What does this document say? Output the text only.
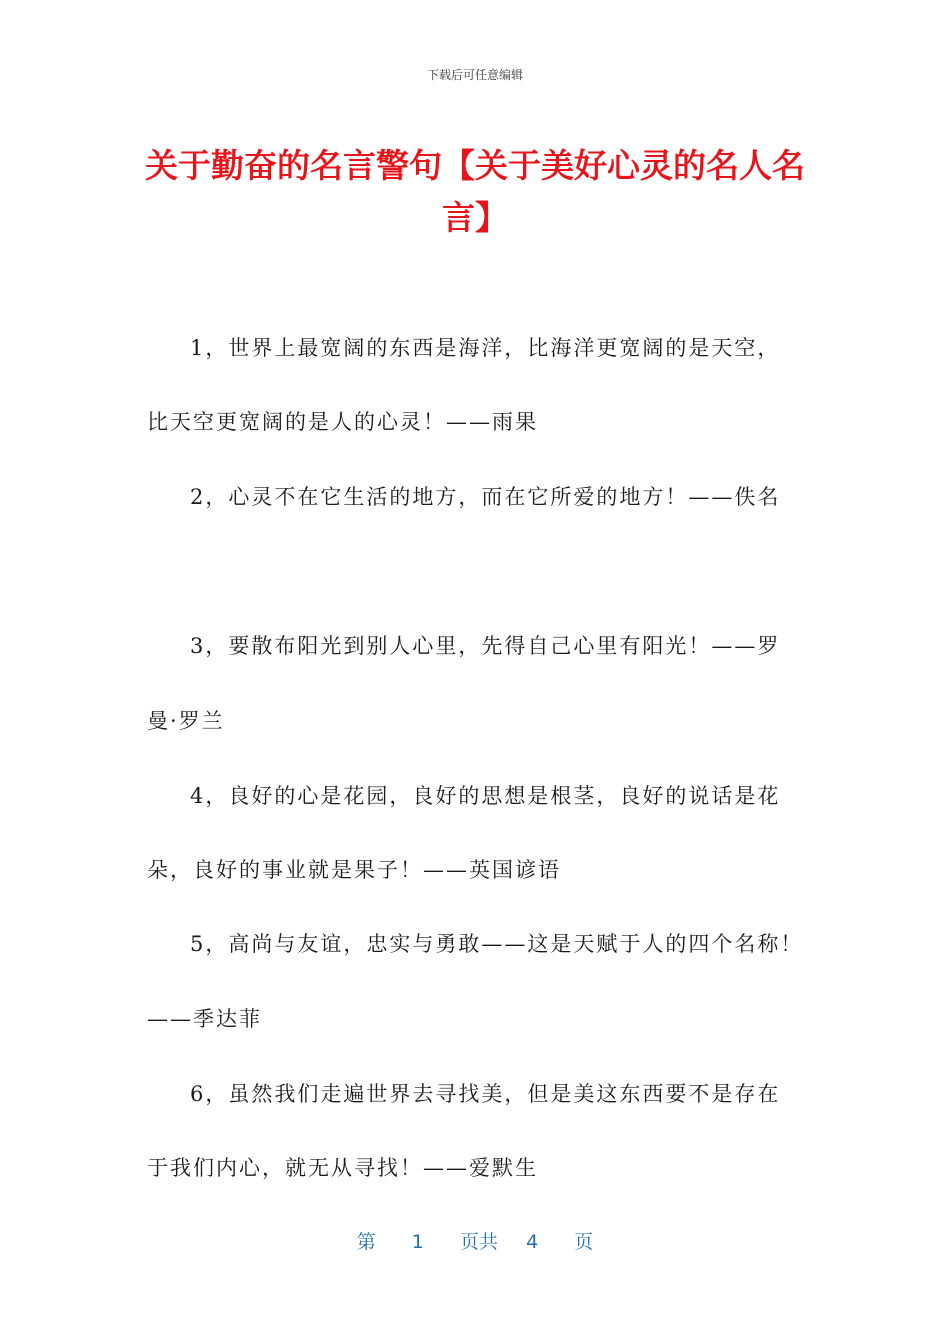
下载后可任意编辑
关于勤奋的名言警句【关于美好心灵的名人名言】
1，世界上最宽阔的东西是海洋，比海洋更宽阔的是天空，
比天空更宽阔的是人的心灵！——雨果
2，心灵不在它生活的地方，而在它所爱的地方！——佚名
3，要散布阳光到别人心里，先得自己心里有阳光！——罗
曼·罗兰
4，良好的心是花园，良好的思想是根茎，良好的说话是花
朵，良好的事业就是果子！——英国谚语
5，高尚与友谊，忠实与勇敢——这是天赋于人的四个名称！
——季达菲
6，虽然我们走遍世界去寻找美，但是美这东西要不是存在
于我们内心，就无从寻找！——爱默生
第 1 页共 4 页
